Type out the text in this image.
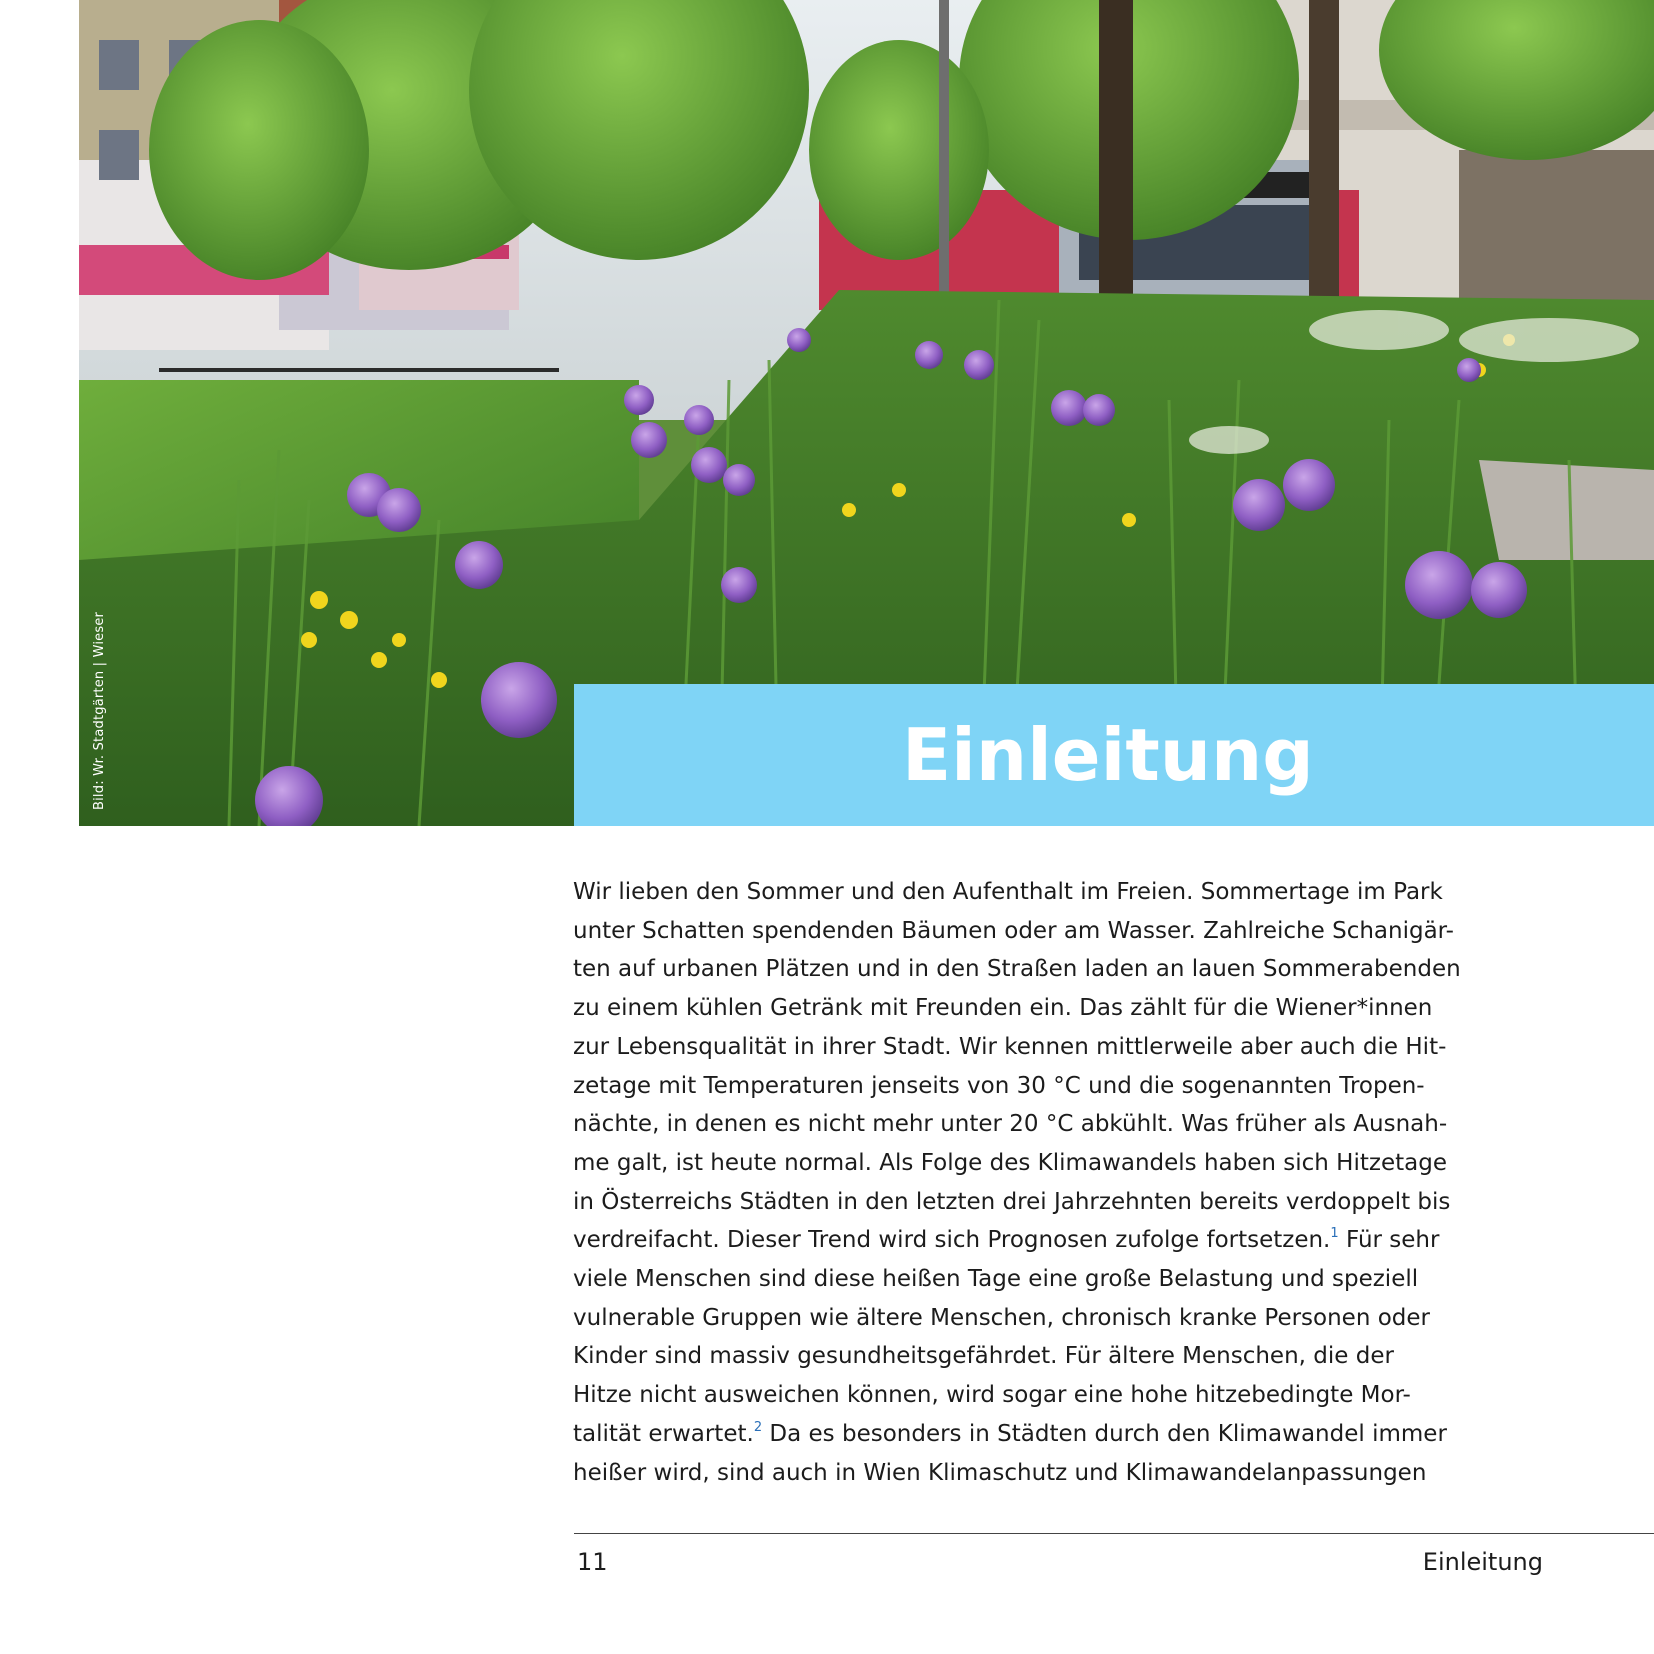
Bild: Wr. Stadtgärten | Wieser	Einleitung
Wir lieben den Sommer und den Aufenthalt im Freien. Sommertage im Park
unter Schatten spendenden Bäumen oder am Wasser. Zahlreiche Schanigär-
ten auf urbanen Plätzen und in den Straßen laden an lauen Sommerabenden
zu einem kühlen Getränk mit Freunden ein. Das zählt für die Wiener*innen
zur Lebensqualität in ihrer Stadt. Wir kennen mittlerweile aber auch die Hit-
zetage mit Temperaturen jenseits von 30 °C und die sogenannten Tropen-
nächte, in denen es nicht mehr unter 20 °C abkühlt. Was früher als Ausnah-
me galt, ist heute normal. Als Folge des Klimawandels haben sich Hitzetage
in Österreichs Städten in den letzten drei Jahrzehnten bereits verdoppelt bis
verdreifacht. Dieser Trend wird sich Prognosen zufolge fortsetzen.$^1$ Für sehr
viele Menschen sind diese heißen Tage eine große Belastung und speziell
vulnerable Gruppen wie ältere Menschen, chronisch kranke Personen oder
Kinder sind massiv gesundheitsgefährdet. Für ältere Menschen, die der
Hitze nicht ausweichen können, wird sogar eine hohe hitzebedingte Mor-
talität erwartet.$^2$ Da es besonders in Städten durch den Klimawandel immer
heißer wird, sind auch in Wien Klimaschutz und Klimawandelanpassungen
11	Einleitung
